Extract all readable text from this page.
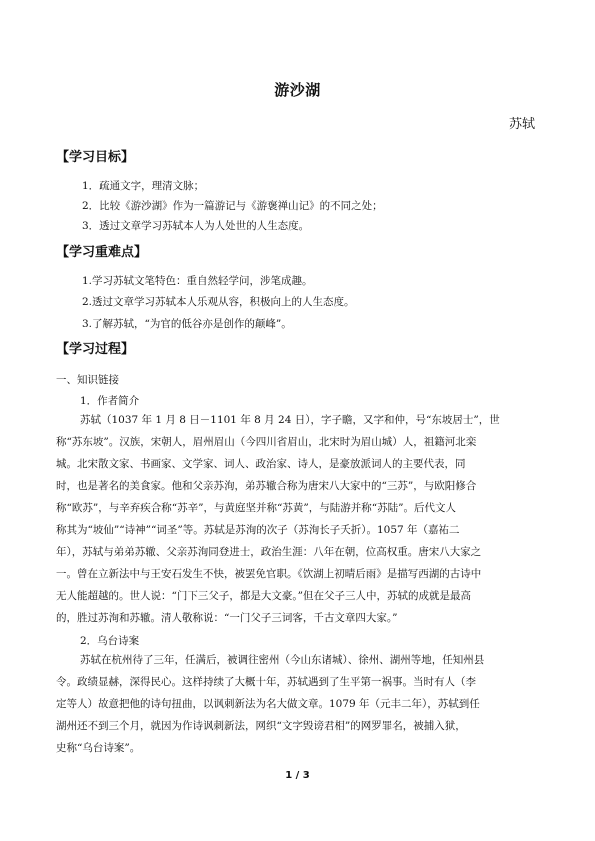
游沙湖
苏轼
【学习目标】
1．疏通文字，理清文脉；
2．比较《游沙湖》作为一篇游记与《游褒禅山记》的不同之处；
3．透过文章学习苏轼本人为人处世的人生态度。
【学习重难点】
1.学习苏轼文笔特色：重自然轻学问，涉笔成趣。
2.透过文章学习苏轼本人乐观从容，积极向上的人生态度。
3.了解苏轼，“为官的低谷亦是创作的颠峰”。
【学习过程】
一、知识链接
1．作者简介

苏轼（1037 年 1 月 8 日－1101 年 8 月 24 日），字子瞻，又字和仲，号“东坡居士”，世

称“苏东坡”。汉族，宋朝人，眉州眉山（今四川省眉山，北宋时为眉山城）人，祖籍河北栾

城。北宋散文家、书画家、文学家、词人、政治家、诗人，是豪放派词人的主要代表，同

时，也是著名的美食家。他和父亲苏洵，弟苏辙合称为唐宋八大家中的“三苏”，与欧阳修合

称“欧苏”，与辛弃疾合称“苏辛”，与黄庭坚并称“苏黄”，与陆游并称“苏陆”。后代文人

称其为“坡仙”“诗神”“词圣”等。苏轼是苏洵的次子（苏洵长子夭折）。1057 年（嘉祐二

年），苏轼与弟弟苏辙、父亲苏洵同登进士，政治生涯：八年在朝，位高权重。唐宋八大家之

一。曾在立新法中与王安石发生不快，被罢免官职。《饮湖上初晴后雨》是描写西湖的古诗中

无人能超越的。世人说：“门下三父子，都是大文豪。”但在父子三人中，苏轼的成就是最高

的，胜过苏洵和苏辙。清人敬称说：“一门父子三词客，千古文章四大家。”

2．乌台诗案

苏轼在杭州待了三年，任满后，被调往密州（今山东诸城）、徐州、湖州等地，任知州县

令。政绩显赫，深得民心。这样持续了大概十年，苏轼遇到了生平第一祸事。当时有人（李

定等人）故意把他的诗句扭曲，以讽刺新法为名大做文章。1079 年（元丰二年），苏轼到任

湖州还不到三个月，就因为作诗讽刺新法，网织“文字毁谤君相”的网罗罪名，被捕入狱，

史称“乌台诗案”。

1 / 3
